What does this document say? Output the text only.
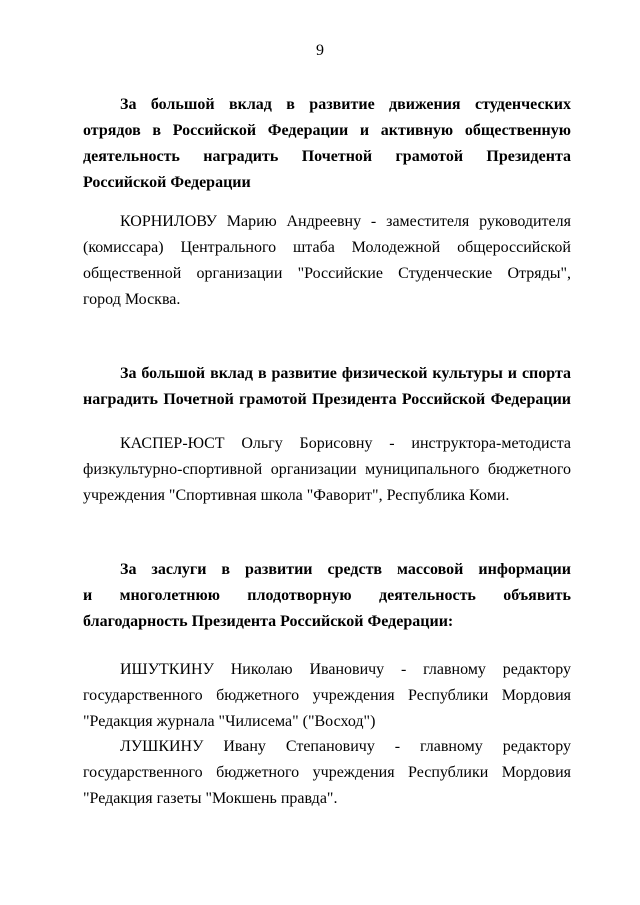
9
За большой вклад в развитие движения студенческих
отрядов в Российской Федерации и активную общественную
деятельность наградить Почетной грамотой Президента
Российской Федерации
КОРНИЛОВУ Марию Андреевну - заместителя руководителя
(комиссара) Центрального штаба Молодежной общероссийской
общественной организации "Российские Студенческие Отряды",
город Москва.
За большой вклад в развитие физической культуры и спорта
наградить Почетной грамотой Президента Российской Федерации
КАСПЕР-ЮСТ Ольгу Борисовну - инструктора-методиста
физкультурно-спортивной организации муниципального бюджетного
учреждения "Спортивная школа "Фаворит", Республика Коми.
За заслуги в развитии средств массовой информации
и многолетнюю плодотворную деятельность объявить
благодарность Президента Российской Федерации:
ИШУТКИНУ Николаю Ивановичу - главному редактору
государственного бюджетного учреждения Республики Мордовия
"Редакция журнала "Чилисема" ("Восход")
ЛУШКИНУ Ивану Степановичу - главному редактору
государственного бюджетного учреждения Республики Мордовия
"Редакция газеты "Мокшень правда".
